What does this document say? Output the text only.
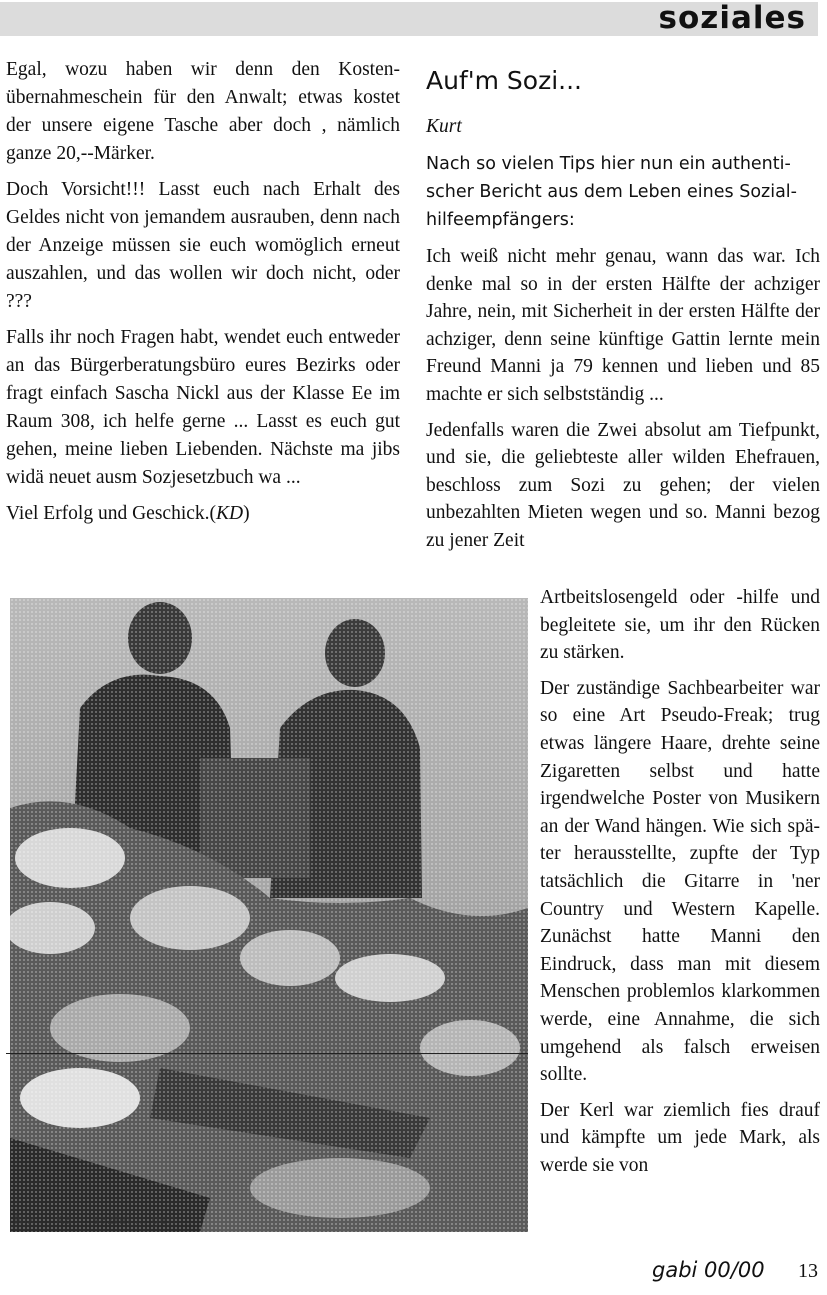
soziales

Egal, wozu haben wir denn den Kostenübernahmeschein für den Anwalt; etwas kostet der unsere eigene Tasche aber doch , nämlich ganze 20,--Märker.

Doch Vorsicht!!! Lasst euch nach Erhalt des Geldes nicht von jemandem ausrauben, denn nach der Anzeige müssen sie euch womöglich erneut auszahlen, und das wollen wir doch nicht, oder ???

Falls ihr noch Fragen habt, wendet euch entweder an das Bürgerberatungsbüro eures Bezirks oder fragt einfach Sascha Nickl aus der Klasse Ee im Raum 308, ich helfe gerne ... Lasst es euch gut gehen, meine lieben Liebenden. Nächste ma jibs widä neuet ausm Sozjesetzbuch wa ...

Viel Erfolg und Geschick.(KD)

Auf'm Sozi...
Kurt
Nach so vielen Tips hier nun ein authentischer Bericht aus dem Leben eines Sozialhilfeempfängers:

Ich weiß nicht mehr genau, wann das war. Ich denke mal so in der ersten Hälfte der achziger Jahre, nein, mit Sicherheit in der ersten Hälfte der achziger, denn seine künftige Gattin lernte mein Freund Manni ja 79 kennen und lieben und 85 machte er sich selbstständig ...

Jedenfalls waren die Zwei absolut am Tiefpunkt, und sie, die geliebteste aller wilden Ehefrauen, beschloss zum Sozi zu gehen; der vielen unbezahlten Mieten wegen und so. Manni bezog zu jener Zeit

Artbeitslosengeld oder -hilfe und begleitete sie, um ihr den Rücken zu stärken.

Der zuständige Sachbearbeiter war so eine Art Pseudo-Freak; trug etwas längere Haare, drehte seine Zigaretten selbst und hatte irgendwelche Poster von Musikern an der Wand hängen. Wie sich später herausstellte, zupfte der Typ tatsächlich die Gitarre in 'ner Country und Western Kapelle. Zunächst hatte Manni den Eindruck, dass man mit diesem Menschen problemlos klarkommen werde, eine Annahme, die sich umgehend als falsch erweisen sollte.

Der Kerl war ziemlich fies drauf und kämpfte um jede Mark, als werde sie von

Nix ... Ka ... sazhn ... gen ...
gabi 00/00 13
